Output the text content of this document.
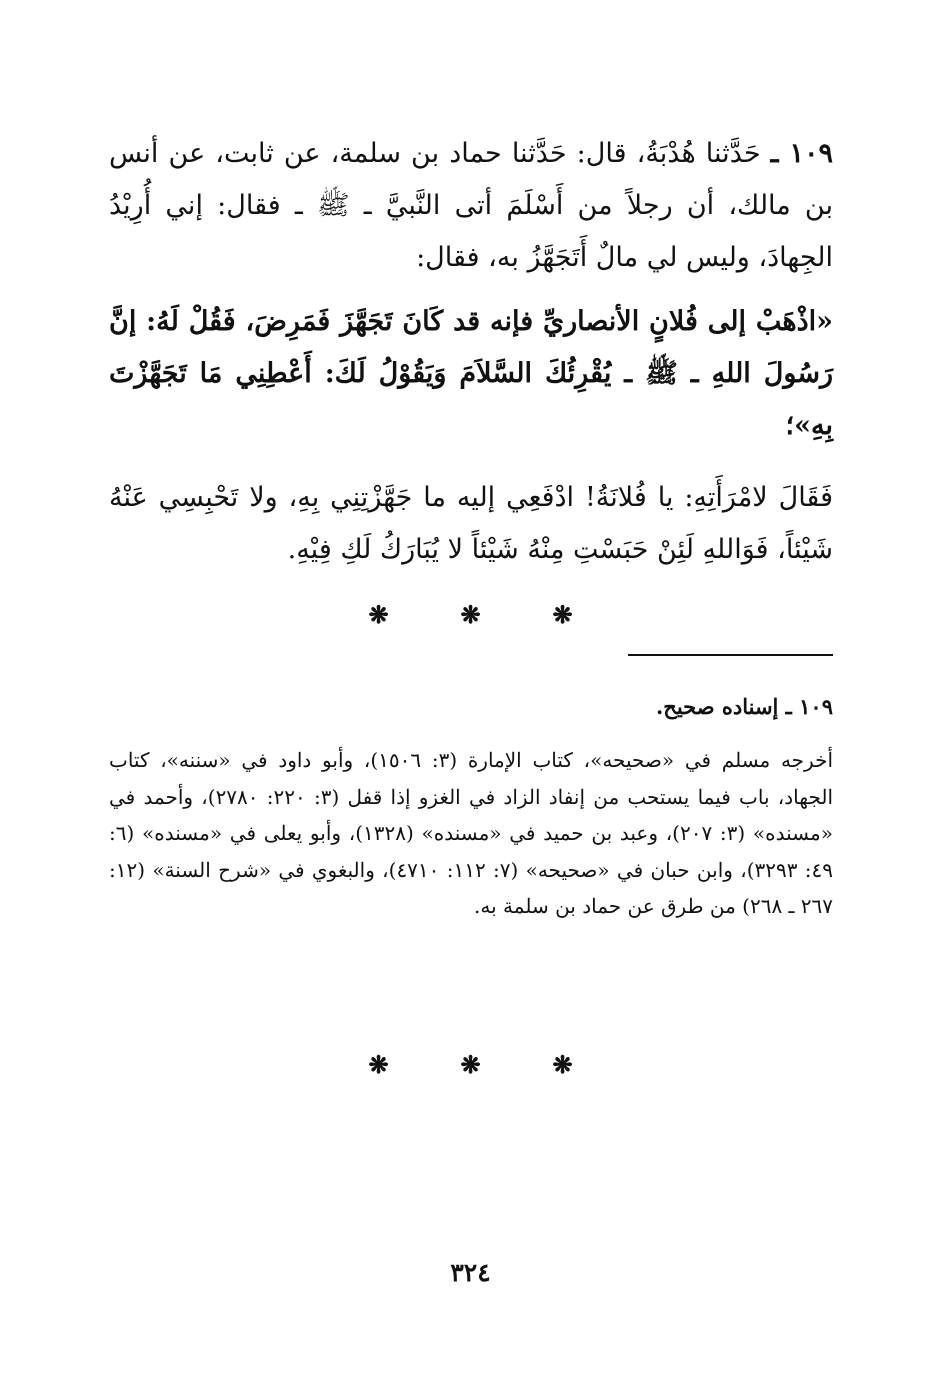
١٠٩ ـ حَدَّثنا هُدْبَةُ، قال: حَدَّثنا حماد بن سلمة، عن ثابت، عن أنس بن مالك، أن رجلاً من أَسْلَمَ أتى النَّبيَّ ـ ﷺ ـ فقال: إني أُرِيْدُ الجِهادَ، وليس لي مالٌ أَتَجَهَّزُ به، فقال:

«اذْهَبْ إلى فُلانٍ الأنصاريِّ فإنه قد كَانَ تَجَهَّزَ فَمَرِضَ، فَقُلْ لَهُ: إنَّ رَسُولَ اللهِ ـ ﷺ ـ يُقْرِئُكَ السَّلاَمَ وَيَقُوْلُ لَكَ: أَعْطِنِي مَا تَجَهَّزْتَ بِهِ»؛

فَقَالَ لامْرَأَتِهِ: يا فُلانَةُ! ادْفَعِي إليه ما جَهَّزْتِنِي بِهِ، ولا تَحْبِسِي عَنْهُ شَيْئاً، فَوَاللهِ لَئِنْ حَبَسْتِ مِنْهُ شَيْئاً لا يُبَارَكُ لَكِ فِيْهِ.

❋	❋	❋

١٠٩ ـ إسناده صحيح.

أخرجه مسلم في «صحيحه»، كتاب الإمارة (٣: ١٥٠٦)، وأبو داود في «سننه»، كتاب الجهاد، باب فيما يستحب من إنفاد الزاد في الغزو إذا قفل (٣: ٢٢٠: ٢٧٨٠)، وأحمد في «مسنده» (٣: ٢٠٧)، وعبد بن حميد في «مسنده» (١٣٢٨)، وأبو يعلى في «مسنده» (٦: ٤٩: ٣٢٩٣)، وابن حبان في «صحيحه» (٧: ١١٢: ٤٧١٠)، والبغوي في «شرح السنة» (١٢: ٢٦٧ ـ ٢٦٨) من طرق عن حماد بن سلمة به.

❋	❋	❋
٣٢٤
